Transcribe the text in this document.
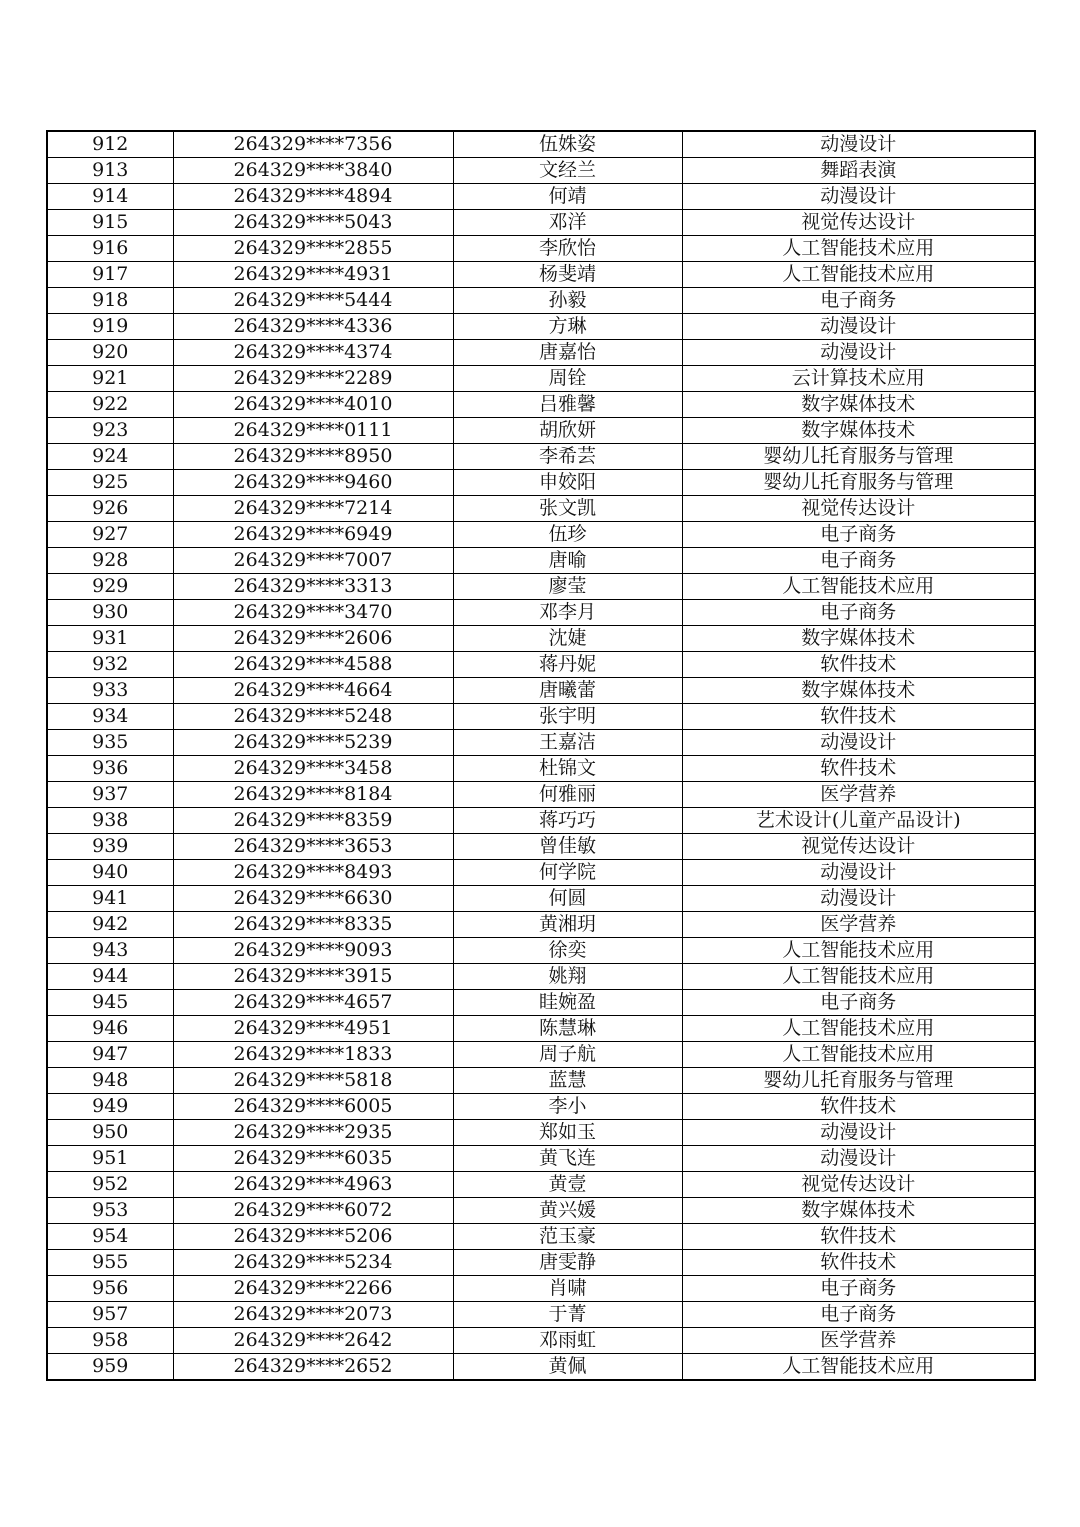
912	264329****7356	伍姝姿	动漫设计
913	264329****3840	文经兰	舞蹈表演
914	264329****4894	何靖	动漫设计
915	264329****5043	邓洋	视觉传达设计
916	264329****2855	李欣怡	人工智能技术应用
917	264329****4931	杨斐靖	人工智能技术应用
918	264329****5444	孙毅	电子商务
919	264329****4336	方琳	动漫设计
920	264329****4374	唐嘉怡	动漫设计
921	264329****2289	周铨	云计算技术应用
922	264329****4010	吕雅馨	数字媒体技术
923	264329****0111	胡欣妍	数字媒体技术
924	264329****8950	李希芸	婴幼儿托育服务与管理
925	264329****9460	申姣阳	婴幼儿托育服务与管理
926	264329****7214	张文凯	视觉传达设计
927	264329****6949	伍珍	电子商务
928	264329****7007	唐喻	电子商务
929	264329****3313	廖莹	人工智能技术应用
930	264329****3470	邓李月	电子商务
931	264329****2606	沈婕	数字媒体技术
932	264329****4588	蒋丹妮	软件技术
933	264329****4664	唐曦蕾	数字媒体技术
934	264329****5248	张宇明	软件技术
935	264329****5239	王嘉洁	动漫设计
936	264329****3458	杜锦文	软件技术
937	264329****8184	何雅丽	医学营养
938	264329****8359	蒋巧巧	艺术设计(儿童产品设计)
939	264329****3653	曾佳敏	视觉传达设计
940	264329****8493	何学院	动漫设计
941	264329****6630	何圆	动漫设计
942	264329****8335	黄湘玥	医学营养
943	264329****9093	徐奕	人工智能技术应用
944	264329****3915	姚翔	人工智能技术应用
945	264329****4657	眭婉盈	电子商务
946	264329****4951	陈慧琳	人工智能技术应用
947	264329****1833	周子航	人工智能技术应用
948	264329****5818	蓝慧	婴幼儿托育服务与管理
949	264329****6005	李小	软件技术
950	264329****2935	郑如玉	动漫设计
951	264329****6035	黄飞连	动漫设计
952	264329****4963	黄壹	视觉传达设计
953	264329****6072	黄兴媛	数字媒体技术
954	264329****5206	范玉豪	软件技术
955	264329****5234	唐雯静	软件技术
956	264329****2266	肖啸	电子商务
957	264329****2073	于菁	电子商务
958	264329****2642	邓雨虹	医学营养
959	264329****2652	黄佩	人工智能技术应用
